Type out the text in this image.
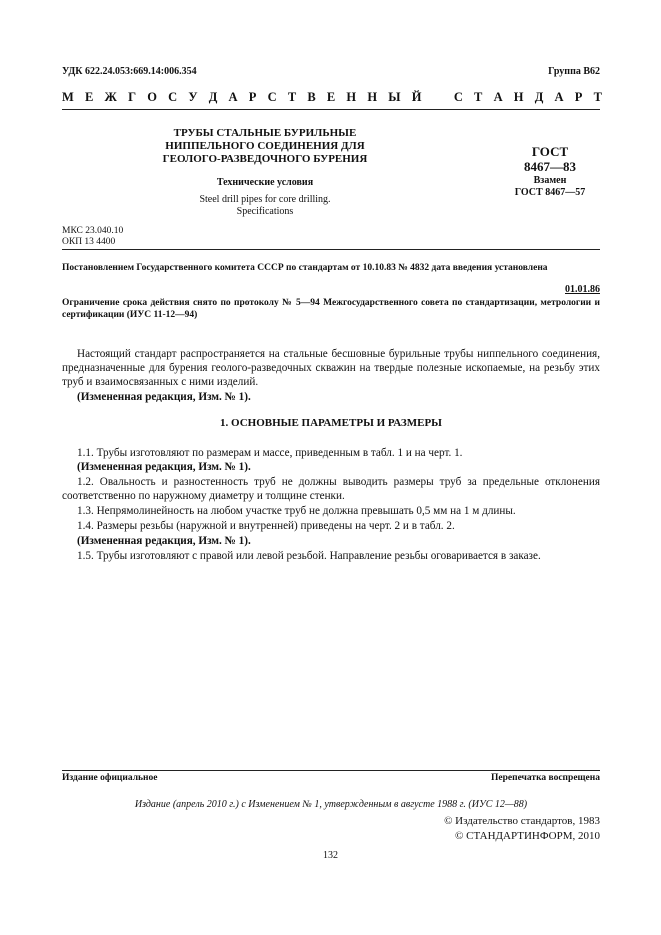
УДК 622.24.053:669.14:006.354	Группа В62
М Е Ж Г О С У Д А Р С Т В Е Н Н Ы Й	С Т А Н Д А Р Т
ТРУБЫ СТАЛЬНЫЕ БУРИЛЬНЫЕ
НИППЕЛЬНОГО СОЕДИНЕНИЯ ДЛЯ
ГЕОЛОГО-РАЗВЕДОЧНОГО БУРЕНИЯ
Технические условия
Steel drill pipes for core drilling.
Specifications
ГОСТ
8467—83
Взамен
ГОСТ 8467—57
МКС 23.040.10
ОКП 13 4400
Постановлением Государственного комитета СССР по стандартам от 10.10.83 № 4832 дата введения установлена
01.01.86
Ограничение срока действия снято по протоколу № 5—94 Межгосударственного совета по стандартизации, метрологии и сертификации (ИУС 11-12—94)
Настоящий стандарт распространяется на стальные бесшовные бурильные трубы ниппельного соединения, предназначенные для бурения геолого-разведочных скважин на твердые полезные ископаемые, на резьбу этих труб и взаимосвязанных с ними изделий.
(Измененная редакция, Изм. № 1).
1. ОСНОВНЫЕ ПАРАМЕТРЫ И РАЗМЕРЫ
1.1. Трубы изготовляют по размерам и массе, приведенным в табл. 1 и на черт. 1.
(Измененная редакция, Изм. № 1).
1.2. Овальность и разностенность труб не должны выводить размеры труб за предельные отклонения соответственно по наружному диаметру и толщине стенки.
1.3. Непрямолинейность на любом участке труб не должна превышать 0,5 мм на 1 м длины.
1.4. Размеры резьбы (наружной и внутренней) приведены на черт. 2 и в табл. 2.
(Измененная редакция, Изм. № 1).
1.5. Трубы изготовляют с правой или левой резьбой. Направление резьбы оговаривается в заказе.
Издание официальное	Перепечатка воспрещена
Издание (апрель 2010 г.) с Изменением № 1, утвержденным в августе 1988 г. (ИУС 12—88)
© Издательство стандартов, 1983
© СТАНДАРТИНФОРМ, 2010
132
